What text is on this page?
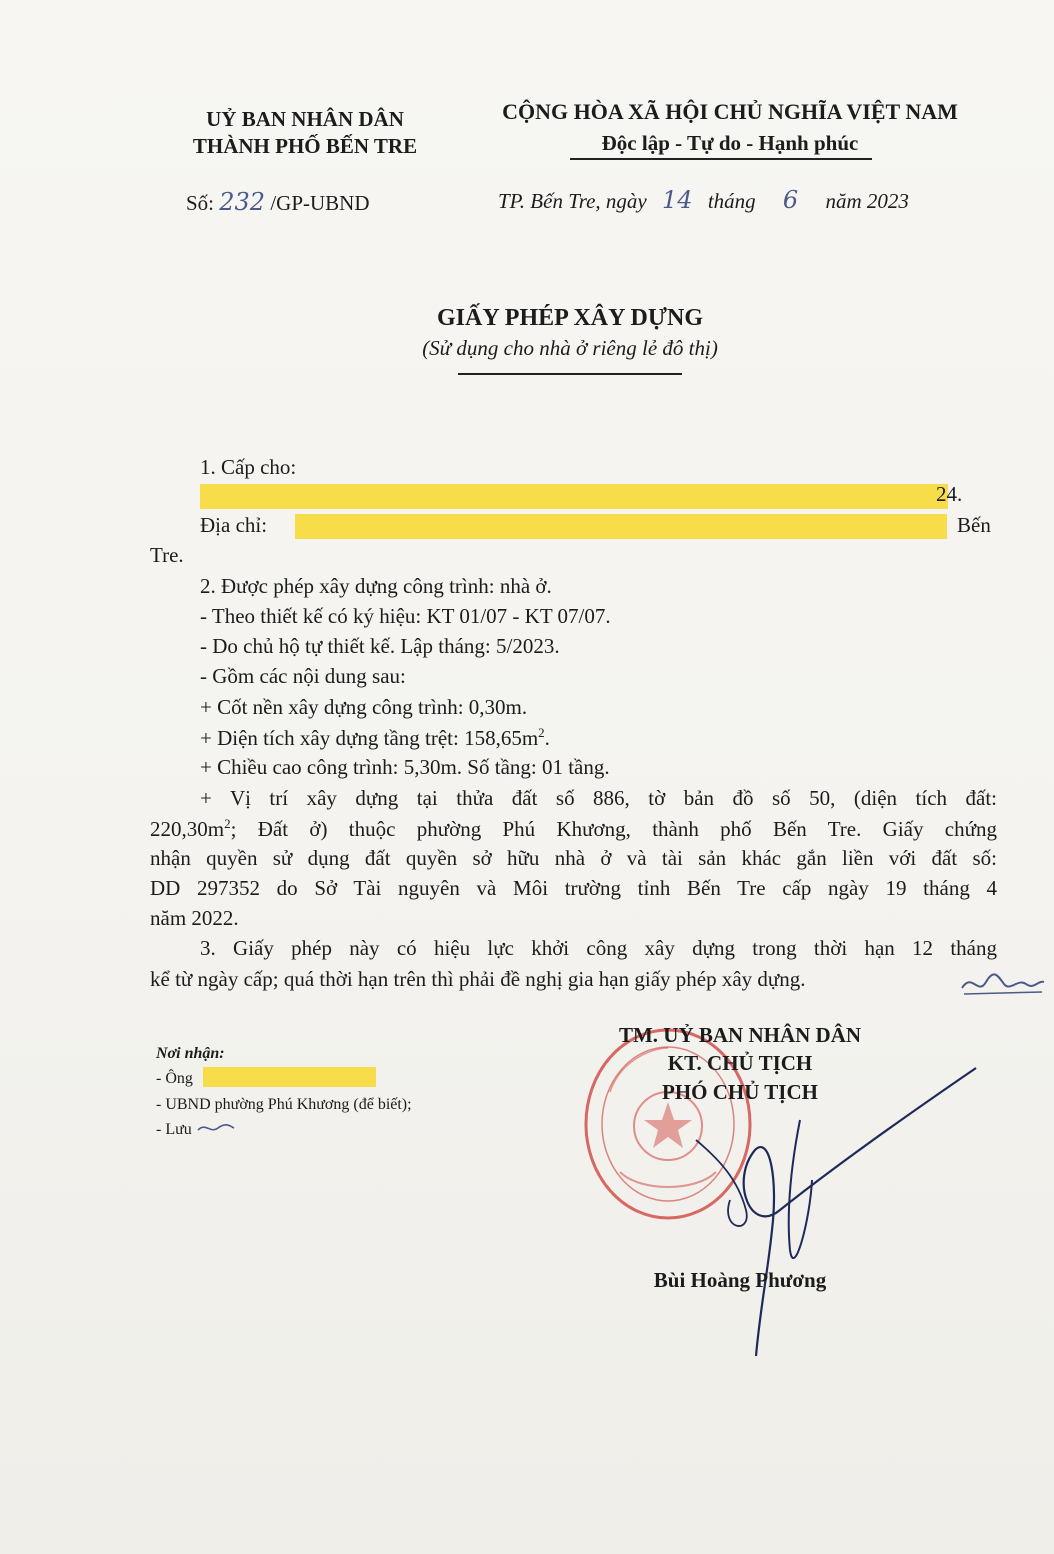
UỶ BAN NHÂN DÂN
THÀNH PHỐ BẾN TRE
Số: 232 /GP-UBND
CỘNG HÒA XÃ HỘI CHỦ NGHĨA VIỆT NAM
Độc lập - Tự do - Hạnh phúc
TP. Bến Tre, ngày 14 tháng 6 năm 2023
GIẤY PHÉP XÂY DỰNG
(Sử dụng cho nhà ở riêng lẻ đô thị)
1. Cấp cho:
24.
Địa chỉ:	Bến
Tre.
2. Được phép xây dựng công trình: nhà ở.
- Theo thiết kế có ký hiệu: KT 01/07 - KT 07/07.
- Do chủ hộ tự thiết kế. Lập tháng: 5/2023.
- Gồm các nội dung sau:
+ Cốt nền xây dựng công trình: 0,30m.
+ Diện tích xây dựng tầng trệt: $158,65m^2$.
+ Chiều cao công trình: 5,30m. Số tầng: 01 tầng.
+ Vị trí xây dựng tại thửa đất số 886, tờ bản đồ số 50, (diện tích đất:
$220,30m^2$; Đất ở) thuộc phường Phú Khương, thành phố Bến Tre. Giấy chứng
nhận quyền sử dụng đất quyền sở hữu nhà ở và tài sản khác gắn liền với đất số:
DD 297352 do Sở Tài nguyên và Môi trường tỉnh Bến Tre cấp ngày 19 tháng 4
năm 2022.
3. Giấy phép này có hiệu lực khởi công xây dựng trong thời hạn 12 tháng
kể từ ngày cấp; quá thời hạn trên thì phải đề nghị gia hạn giấy phép xây dựng.
Nơi nhận:
- Ông
- UBND phường Phú Khương (để biết);
- Lưu
TM. UỶ BAN NHÂN DÂN
KT. CHỦ TỊCH
PHÓ CHỦ TỊCH
Bùi Hoàng Phương
